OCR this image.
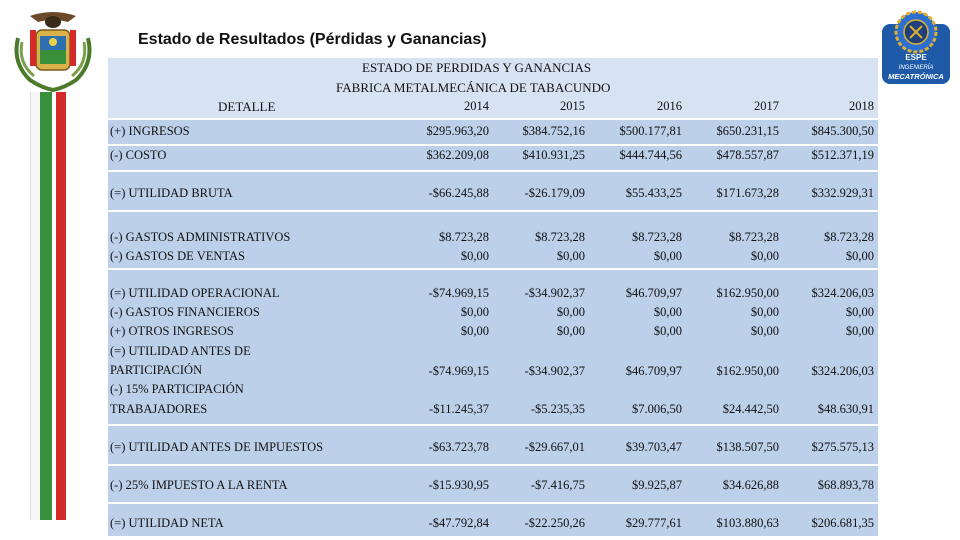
ESPE
INGENIERÍA
MECATRÓNICA
Estado de Resultados (Pérdidas y Ganancias)
ESTADO DE PERDIDAS Y GANANCIAS
FABRICA METALMECÁNICA DE TABACUNDO
DETALLE	2014	2015	2016	2017	2018
(+) INGRESOS	$295.963,20	$384.752,16	$500.177,81	$650.231,15	$845.300,50
(-) COSTO	$362.209,08	$410.931,25	$444.744,56	$478.557,87	$512.371,19
(=) UTILIDAD BRUTA	-$66.245,88	-$26.179,09	$55.433,25	$171.673,28	$332.929,31
(-) GASTOS ADMINISTRATIVOS	$8.723,28	$8.723,28	$8.723,28	$8.723,28	$8.723,28
(-) GASTOS DE VENTAS	$0,00	$0,00	$0,00	$0,00	$0,00
(=) UTILIDAD OPERACIONAL	-$74.969,15	-$34.902,37	$46.709,97	$162.950,00	$324.206,03
(-) GASTOS FINANCIEROS	$0,00	$0,00	$0,00	$0,00	$0,00
(+) OTROS INGRESOS	$0,00	$0,00	$0,00	$0,00	$0,00
(=) UTILIDAD ANTES DE
PARTICIPACIÓN	-$74.969,15	-$34.902,37	$46.709,97	$162.950,00	$324.206,03
(-) 15% PARTICIPACIÓN
TRABAJADORES	-$11.245,37	-$5.235,35	$7.006,50	$24.442,50	$48.630,91
(=) UTILIDAD ANTES DE IMPUESTOS	-$63.723,78	-$29.667,01	$39.703,47	$138.507,50	$275.575,13
(-) 25% IMPUESTO A LA RENTA	-$15.930,95	-$7.416,75	$9.925,87	$34.626,88	$68.893,78
(=) UTILIDAD NETA	-$47.792,84	-$22.250,26	$29.777,61	$103.880,63	$206.681,35
